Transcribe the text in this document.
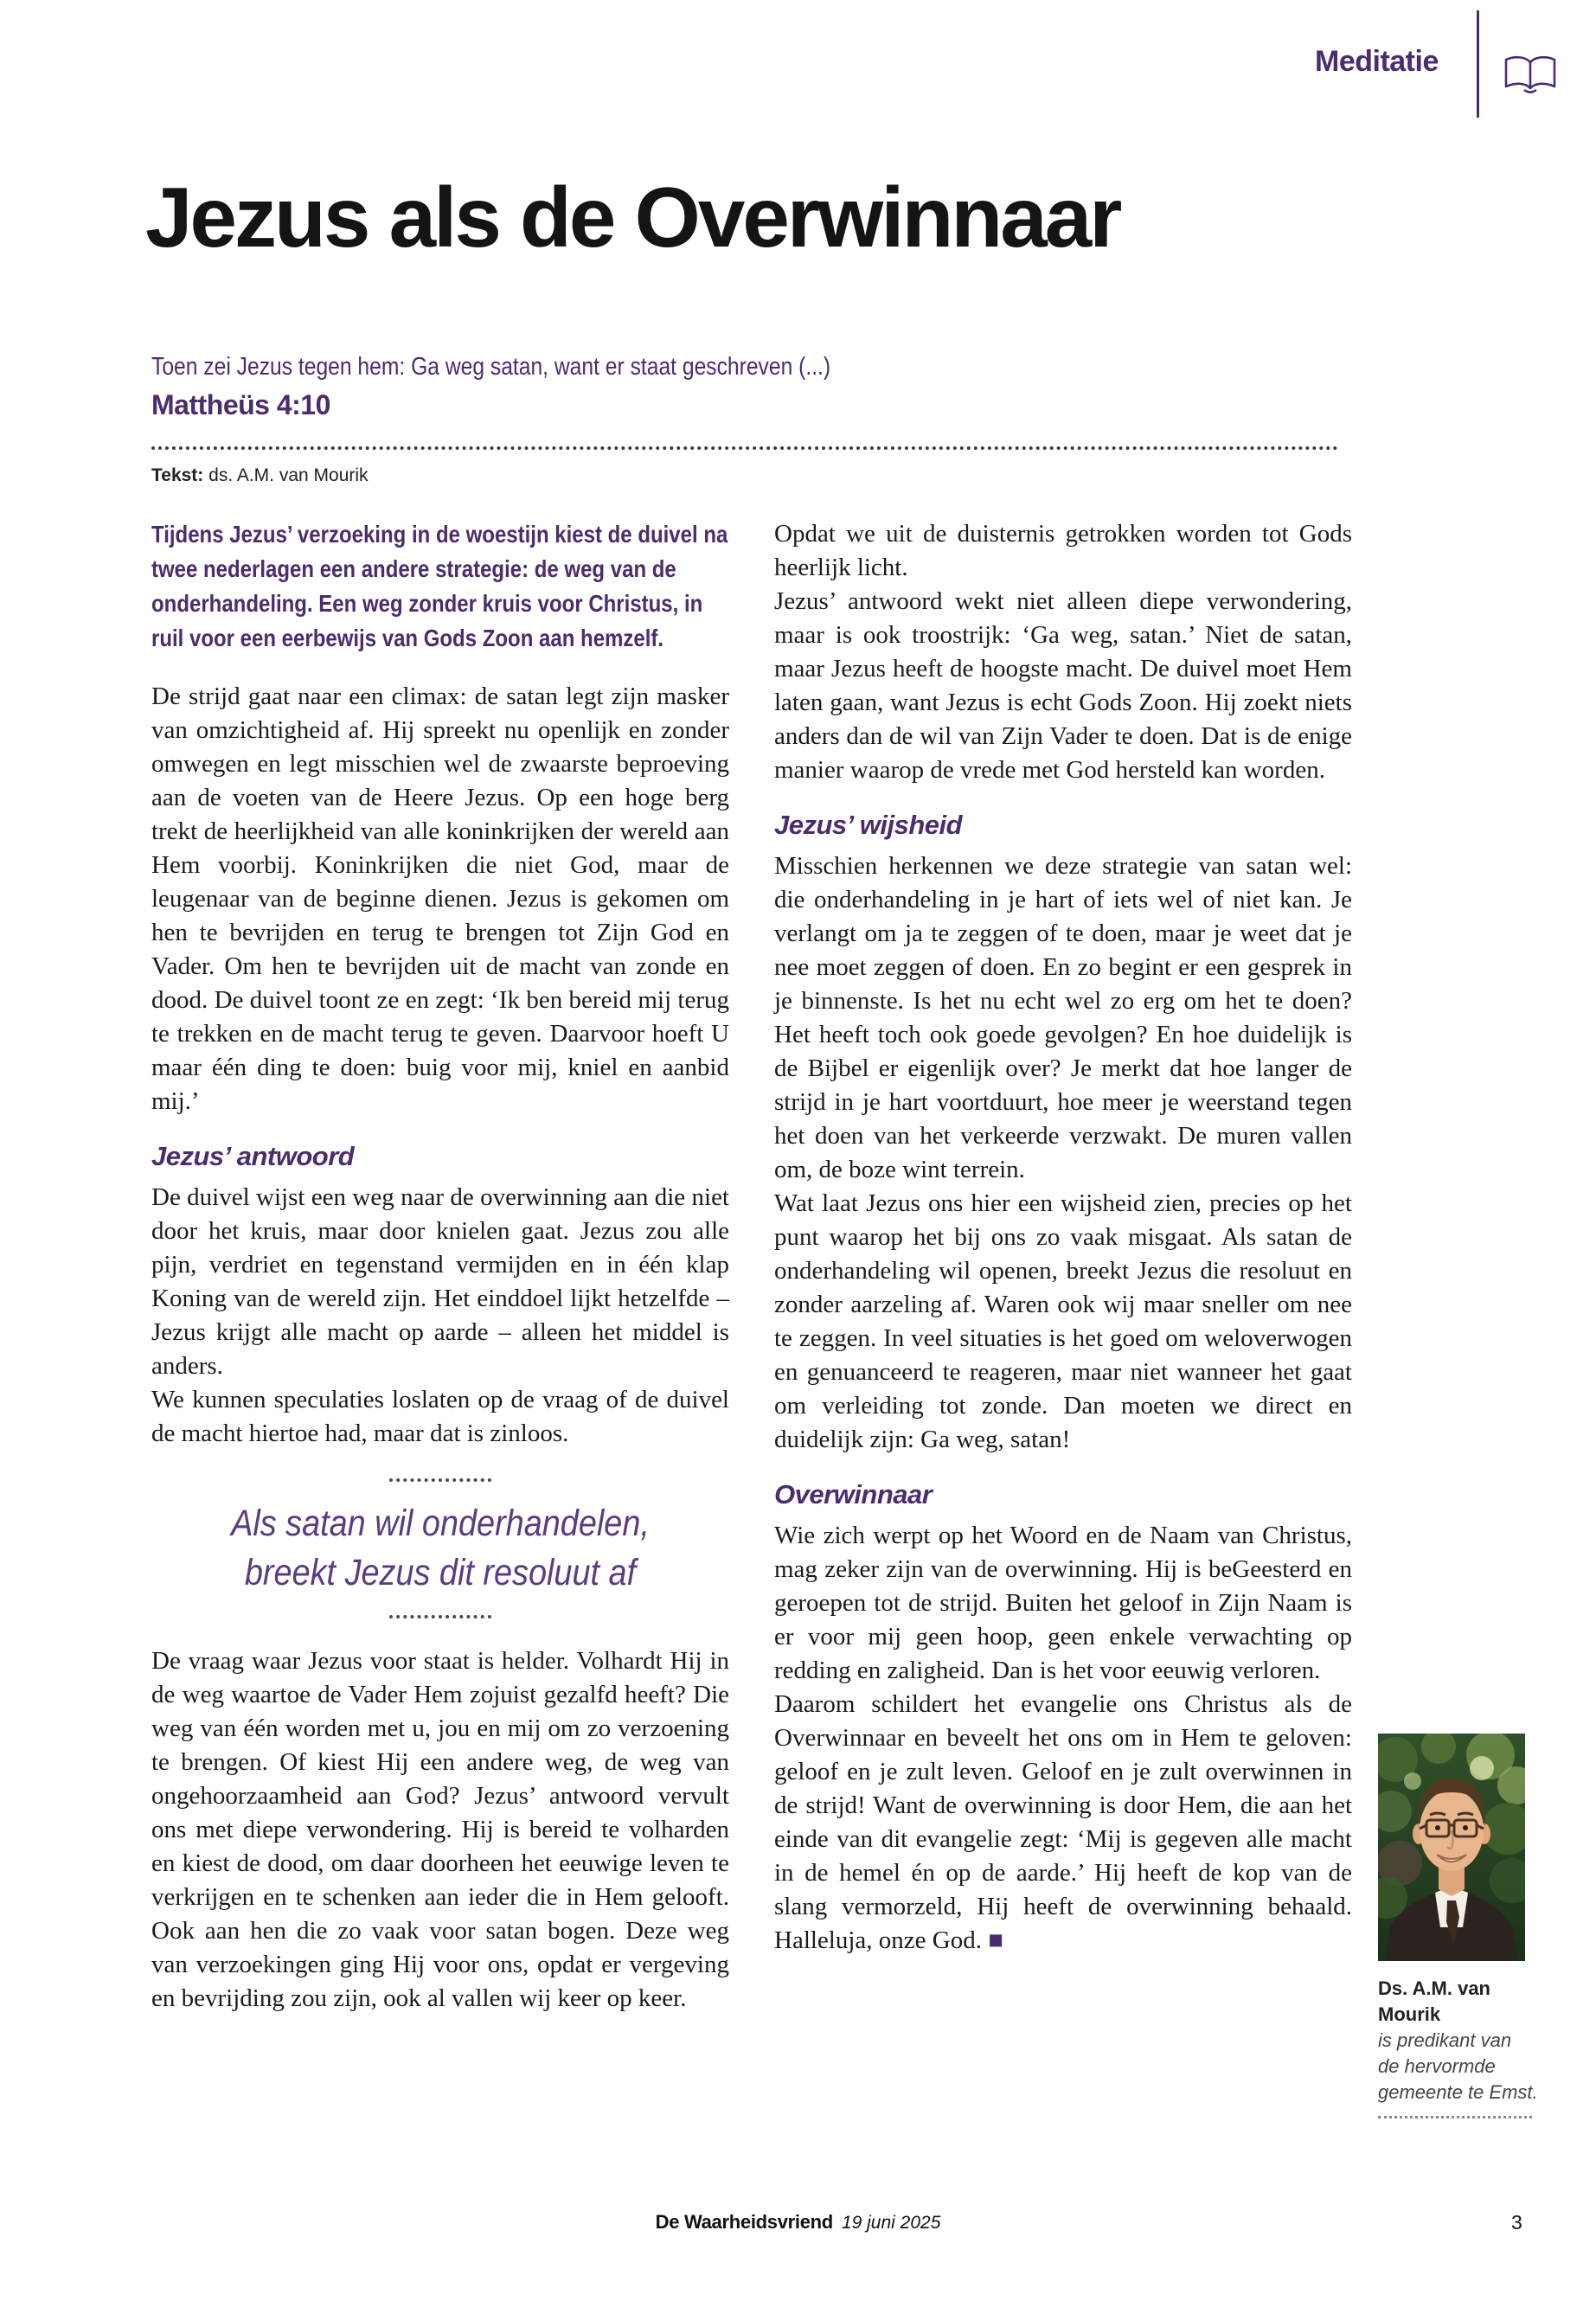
Meditatie
Jezus als de Overwinnaar
Toen zei Jezus tegen hem: Ga weg satan, want er staat geschreven (...)
Mattheüs 4:10
Tekst: ds. A.M. van Mourik

Tijdens Jezus’ verzoeking in de woestijn kiest de duivel na twee nederlagen een andere strategie: de weg van de onderhandeling. Een weg zonder kruis voor Christus, in ruil voor een eerbewijs van Gods Zoon aan hemzelf.

De strijd gaat naar een climax: de satan legt zijn masker van omzichtigheid af. Hij spreekt nu openlijk en zonder omwegen en legt misschien wel de zwaarste beproeving aan de voeten van de Heere Jezus. Op een hoge berg trekt de heerlijkheid van alle koninkrijken der wereld aan Hem voorbij. Koninkrijken die niet God, maar de leugenaar van de beginne dienen. Jezus is gekomen om hen te bevrijden en terug te brengen tot Zijn God en Vader. Om hen te bevrijden uit de macht van zonde en dood. De duivel toont ze en zegt: ‘Ik ben bereid mij terug te trekken en de macht terug te geven. Daarvoor hoeft U maar één ding te doen: buig voor mij, kniel en aanbid mij.’

Jezus’ antwoord

De duivel wijst een weg naar de overwinning aan die niet door het kruis, maar door knielen gaat. Jezus zou alle pijn, verdriet en tegenstand vermijden en in één klap Koning van de wereld zijn. Het einddoel lijkt hetzelfde – Jezus krijgt alle macht op aarde – alleen het middel is anders.

We kunnen speculaties loslaten op de vraag of de duivel de macht hiertoe had, maar dat is zinloos.

Als satan wil onderhandelen,
breekt Jezus dit resoluut af

De vraag waar Jezus voor staat is helder. Volhardt Hij in de weg waartoe de Vader Hem zojuist gezalfd heeft? Die weg van één worden met u, jou en mij om zo verzoening te brengen. Of kiest Hij een andere weg, de weg van ongehoorzaamheid aan God? Jezus’ antwoord vervult ons met diepe verwondering. Hij is bereid te volharden en kiest de dood, om daar doorheen het eeuwige leven te verkrijgen en te schenken aan ieder die in Hem gelooft. Ook aan hen die zo vaak voor satan bogen. Deze weg van verzoekingen ging Hij voor ons, opdat er vergeving en bevrijding zou zijn, ook al vallen wij keer op keer.

Opdat we uit de duisternis getrokken worden tot Gods heerlijk licht.

Jezus’ antwoord wekt niet alleen diepe verwondering, maar is ook troostrijk: ‘Ga weg, satan.’ Niet de satan, maar Jezus heeft de hoogste macht. De duivel moet Hem laten gaan, want Jezus is echt Gods Zoon. Hij zoekt niets anders dan de wil van Zijn Vader te doen. Dat is de enige manier waarop de vrede met God hersteld kan worden.

Jezus’ wijsheid

Misschien herkennen we deze strategie van satan wel: die onderhandeling in je hart of iets wel of niet kan. Je verlangt om ja te zeggen of te doen, maar je weet dat je nee moet zeggen of doen. En zo begint er een gesprek in je binnenste. Is het nu echt wel zo erg om het te doen? Het heeft toch ook goede gevolgen? En hoe duidelijk is de Bijbel er eigenlijk over? Je merkt dat hoe langer de strijd in je hart voortduurt, hoe meer je weerstand tegen het doen van het verkeerde verzwakt. De muren vallen om, de boze wint terrein.

Wat laat Jezus ons hier een wijsheid zien, precies op het punt waarop het bij ons zo vaak misgaat. Als satan de onderhandeling wil openen, breekt Jezus die resoluut en zonder aarzeling af. Waren ook wij maar sneller om nee te zeggen. In veel situaties is het goed om weloverwogen en genuanceerd te reageren, maar niet wanneer het gaat om verleiding tot zonde. Dan moeten we direct en duidelijk zijn: Ga weg, satan!

Overwinnaar

Wie zich werpt op het Woord en de Naam van Christus, mag zeker zijn van de overwinning. Hij is beGeesterd en geroepen tot de strijd. Buiten het geloof in Zijn Naam is er voor mij geen hoop, geen enkele verwachting op redding en zaligheid. Dan is het voor eeuwig verloren.

Daarom schildert het evangelie ons Christus als de Overwinnaar en beveelt het ons om in Hem te geloven: geloof en je zult leven. Geloof en je zult overwinnen in de strijd! Want de overwinning is door Hem, die aan het einde van dit evangelie zegt: ‘Mij is gegeven alle macht in de hemel én op de aarde.’ Hij heeft de kop van de slang vermorzeld, Hij heeft de overwinning behaald. Halleluja, onze God. ■

Ds. A.M. van Mourik
is predikant van
de hervormde
gemeente te Emst.
De Waarheidsvriend 19 juni 2025	3
